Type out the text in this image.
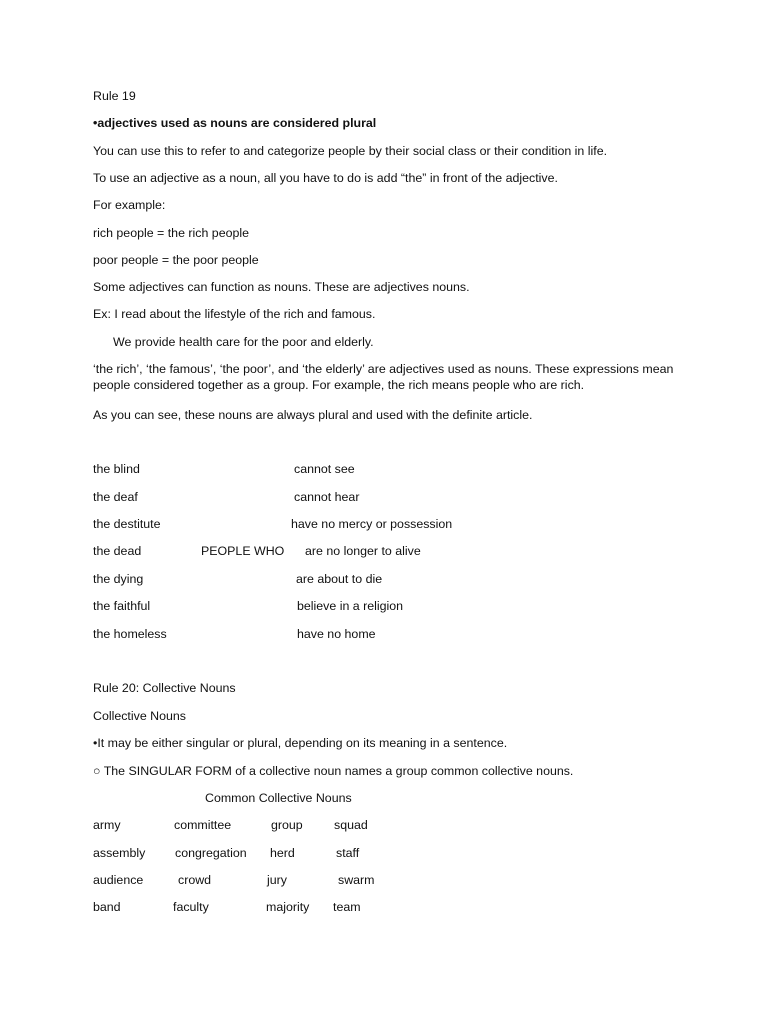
Rule 19

•adjectives used as nouns are considered plural

You can use this to refer to and categorize people by their social class or their condition in life.

To use an adjective as a noun, all you have to do is add “the” in front of the adjective.

For example:

rich people = the rich people

poor people = the poor people

Some adjectives can function as nouns. These are adjectives nouns.

Ex: I read about the lifestyle of the rich and famous.

We provide health care for the poor and elderly.

‘the rich’, ‘the famous’, ‘the poor’, and ‘the elderly’ are adjectives used as nouns. These expressions mean people considered together as a group. For example, the rich means people who are rich.

As you can see, these nouns are always plural and used with the definite article.

the blind	cannot see
the deaf	cannot hear
the destitute	have no mercy or possession
the dead	PEOPLE WHO are no longer to alive
the dying	are about to die
the faithful	believe in a religion
the homeless	have no home

Rule 20: Collective Nouns

Collective Nouns

•It may be either singular or plural, depending on its meaning in a sentence.

○ The SINGULAR FORM of a collective noun names a group common collective nouns.

Common Collective Nouns

army	committee	group	squad
assembly congregation herd	staff
audience	crowd	jury	swarm
band	faculty	majority team
